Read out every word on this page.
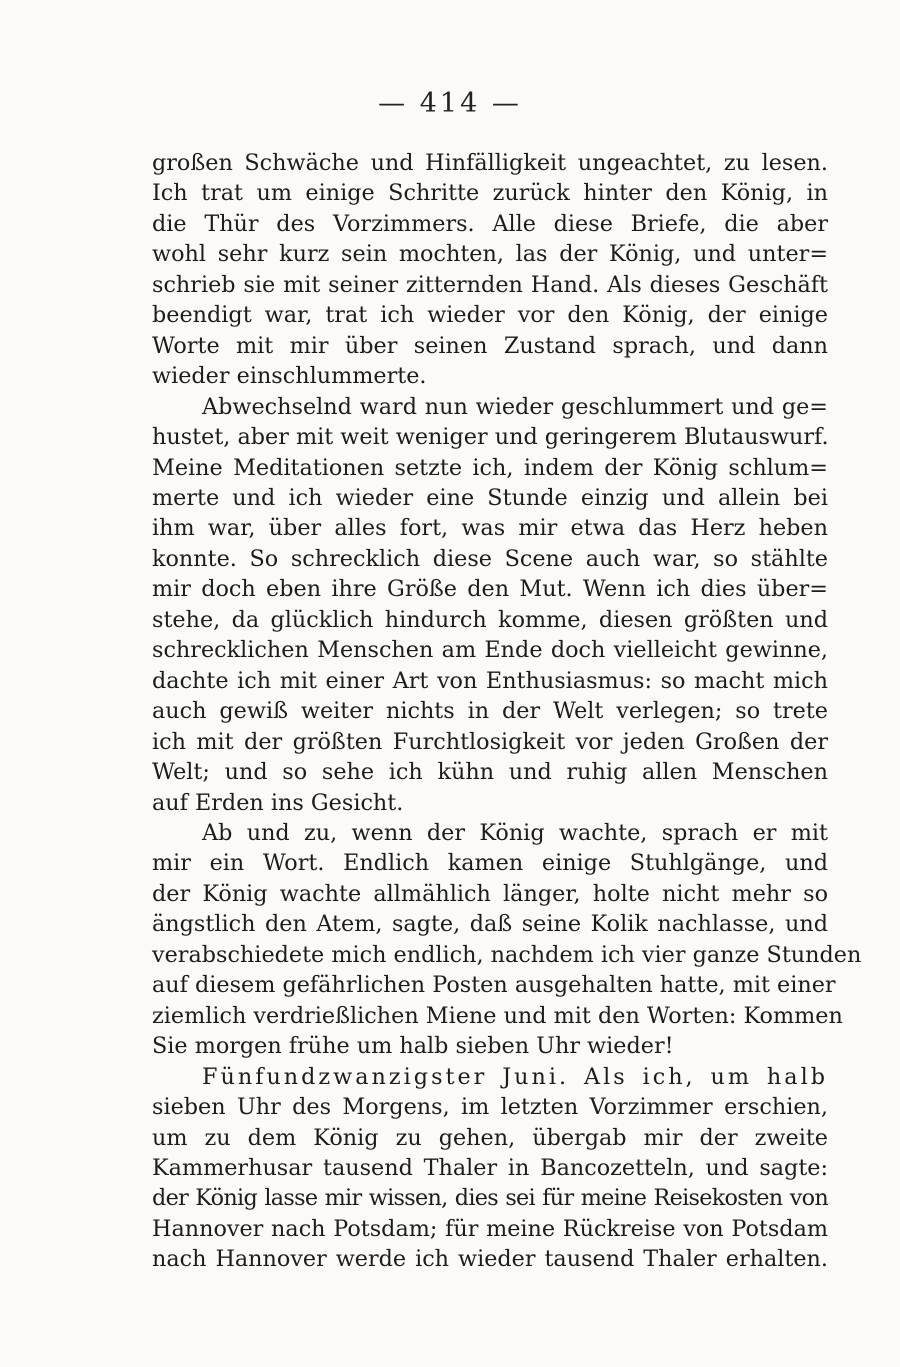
— 414 —
großen Schwäche und Hinfälligkeit ungeachtet, zu lesen.
Ich trat um einige Schritte zurück hinter den König, in
die Thür des Vorzimmers. Alle diese Briefe, die aber
wohl sehr kurz sein mochten, las der König, und unter=
schrieb sie mit seiner zitternden Hand. Als dieses Geschäft
beendigt war, trat ich wieder vor den König, der einige
Worte mit mir über seinen Zustand sprach, und dann
wieder einschlummerte.
Abwechselnd ward nun wieder geschlummert und ge=
hustet, aber mit weit weniger und geringerem Blutauswurf.
Meine Meditationen setzte ich, indem der König schlum=
merte und ich wieder eine Stunde einzig und allein bei
ihm war, über alles fort, was mir etwa das Herz heben
konnte. So schrecklich diese Scene auch war, so stählte
mir doch eben ihre Größe den Mut. Wenn ich dies über=
stehe, da glücklich hindurch komme, diesen größten und
schrecklichen Menschen am Ende doch vielleicht gewinne,
dachte ich mit einer Art von Enthusiasmus: so macht mich
auch gewiß weiter nichts in der Welt verlegen; so trete
ich mit der größten Furchtlosigkeit vor jeden Großen der
Welt; und so sehe ich kühn und ruhig allen Menschen
auf Erden ins Gesicht.
Ab und zu, wenn der König wachte, sprach er mit
mir ein Wort. Endlich kamen einige Stuhlgänge, und
der König wachte allmählich länger, holte nicht mehr so
ängstlich den Atem, sagte, daß seine Kolik nachlasse, und
verabschiedete mich endlich, nachdem ich vier ganze Stunden
auf diesem gefährlichen Posten ausgehalten hatte, mit einer
ziemlich verdrießlichen Miene und mit den Worten: Kommen
Sie morgen frühe um halb sieben Uhr wieder!
Fünfundzwanzigster Juni. Als ich, um halb
sieben Uhr des Morgens, im letzten Vorzimmer erschien,
um zu dem König zu gehen, übergab mir der zweite
Kammerhusar tausend Thaler in Bancozetteln, und sagte:
der König lasse mir wissen, dies sei für meine Reisekosten von
Hannover nach Potsdam; für meine Rückreise von Potsdam
nach Hannover werde ich wieder tausend Thaler erhalten.
